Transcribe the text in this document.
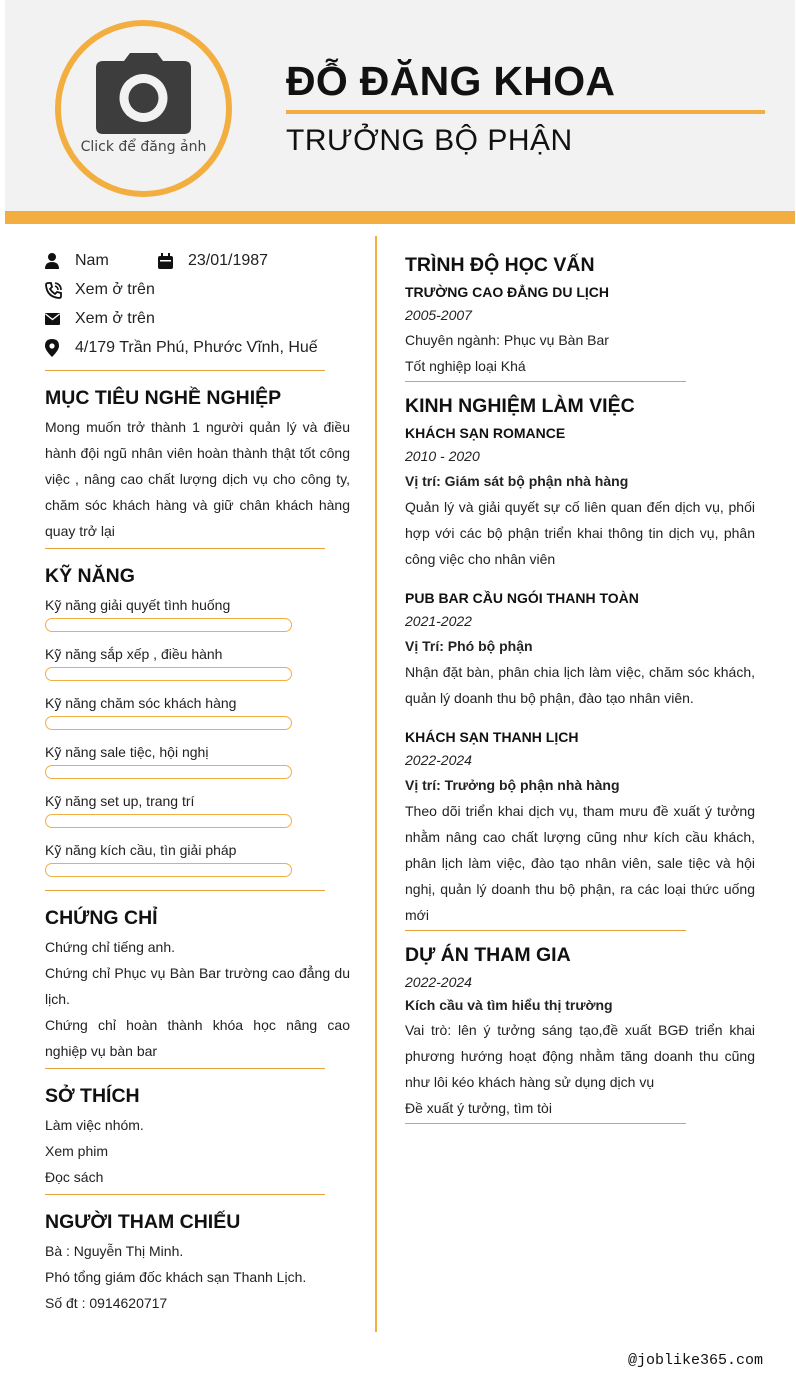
Click để đăng ảnh
ĐỖ ĐĂNG KHOA
TRƯỞNG BỘ PHẬN
Nam	23/01/1987
Xem ở trên
Xem ở trên
4/179 Trần Phú, Phước Vĩnh, Huế
MỤC TIÊU NGHỀ NGHIỆP
Mong muốn trở thành 1 người quản lý và điều hành đội ngũ nhân viên hoàn thành thật tốt công việc , nâng cao chất lượng dịch vụ cho công ty, chăm sóc khách hàng và giữ chân khách hàng quay trở lại
KỸ NĂNG
Kỹ năng giải quyết tình huống
Kỹ năng sắp xếp , điều hành
Kỹ năng chăm sóc khách hàng
Kỹ năng sale tiệc, hội nghị
Kỹ năng set up, trang trí
Kỹ năng kích cầu, tìn giải pháp
CHỨNG CHỈ
Chứng chỉ tiếng anh.
Chứng chỉ Phục vụ Bàn Bar trường cao đẳng du lịch.
Chứng chỉ hoàn thành khóa học nâng cao nghiệp vụ bàn bar
SỞ THÍCH
Làm việc nhóm.
Xem phim
Đọc sách
NGƯỜI THAM CHIẾU
Bà : Nguyễn Thị Minh.
Phó tổng giám đốc khách sạn Thanh Lịch.
Số đt : 0914620717
TRÌNH ĐỘ HỌC VẤN
TRƯỜNG CAO ĐẲNG DU LỊCH
2005-2007
Chuyên ngành: Phục vụ Bàn Bar
Tốt nghiệp loại Khá
KINH NGHIỆM LÀM VIỆC
KHÁCH SẠN ROMANCE
2010 - 2020
Vị trí: Giám sát bộ phận nhà hàng
Quản lý và giải quyết sự cố liên quan đến dịch vụ, phối hợp với các bộ phận triển khai thông tin dịch vụ, phân công việc cho nhân viên
PUB BAR CẦU NGÓI THANH TOÀN
2021-2022
Vị Trí: Phó bộ phận
Nhận đặt bàn, phân chia lịch làm việc, chăm sóc khách, quản lý doanh thu bộ phận, đào tạo nhân viên.
KHÁCH SẠN THANH LỊCH
2022-2024
Vị trí: Trưởng bộ phận nhà hàng
Theo dõi triển khai dịch vụ, tham mưu đề xuất ý tưởng nhằm nâng cao chất lượng cũng như kích cầu khách, phân lịch làm việc, đào tạo nhân viên, sale tiệc và hội nghị, quản lý doanh thu bộ phận, ra các loại thức uống mới
DỰ ÁN THAM GIA
2022-2024
Kích cầu và tìm hiểu thị trường
Vai trò: lên ý tưởng sáng tạo,đề xuất BGĐ triển khai phương hướng hoạt động nhằm tăng doanh thu cũng như lôi kéo khách hàng sử dụng dịch vụ
Đề xuất ý tưởng, tìm tòi
@joblike365.com
